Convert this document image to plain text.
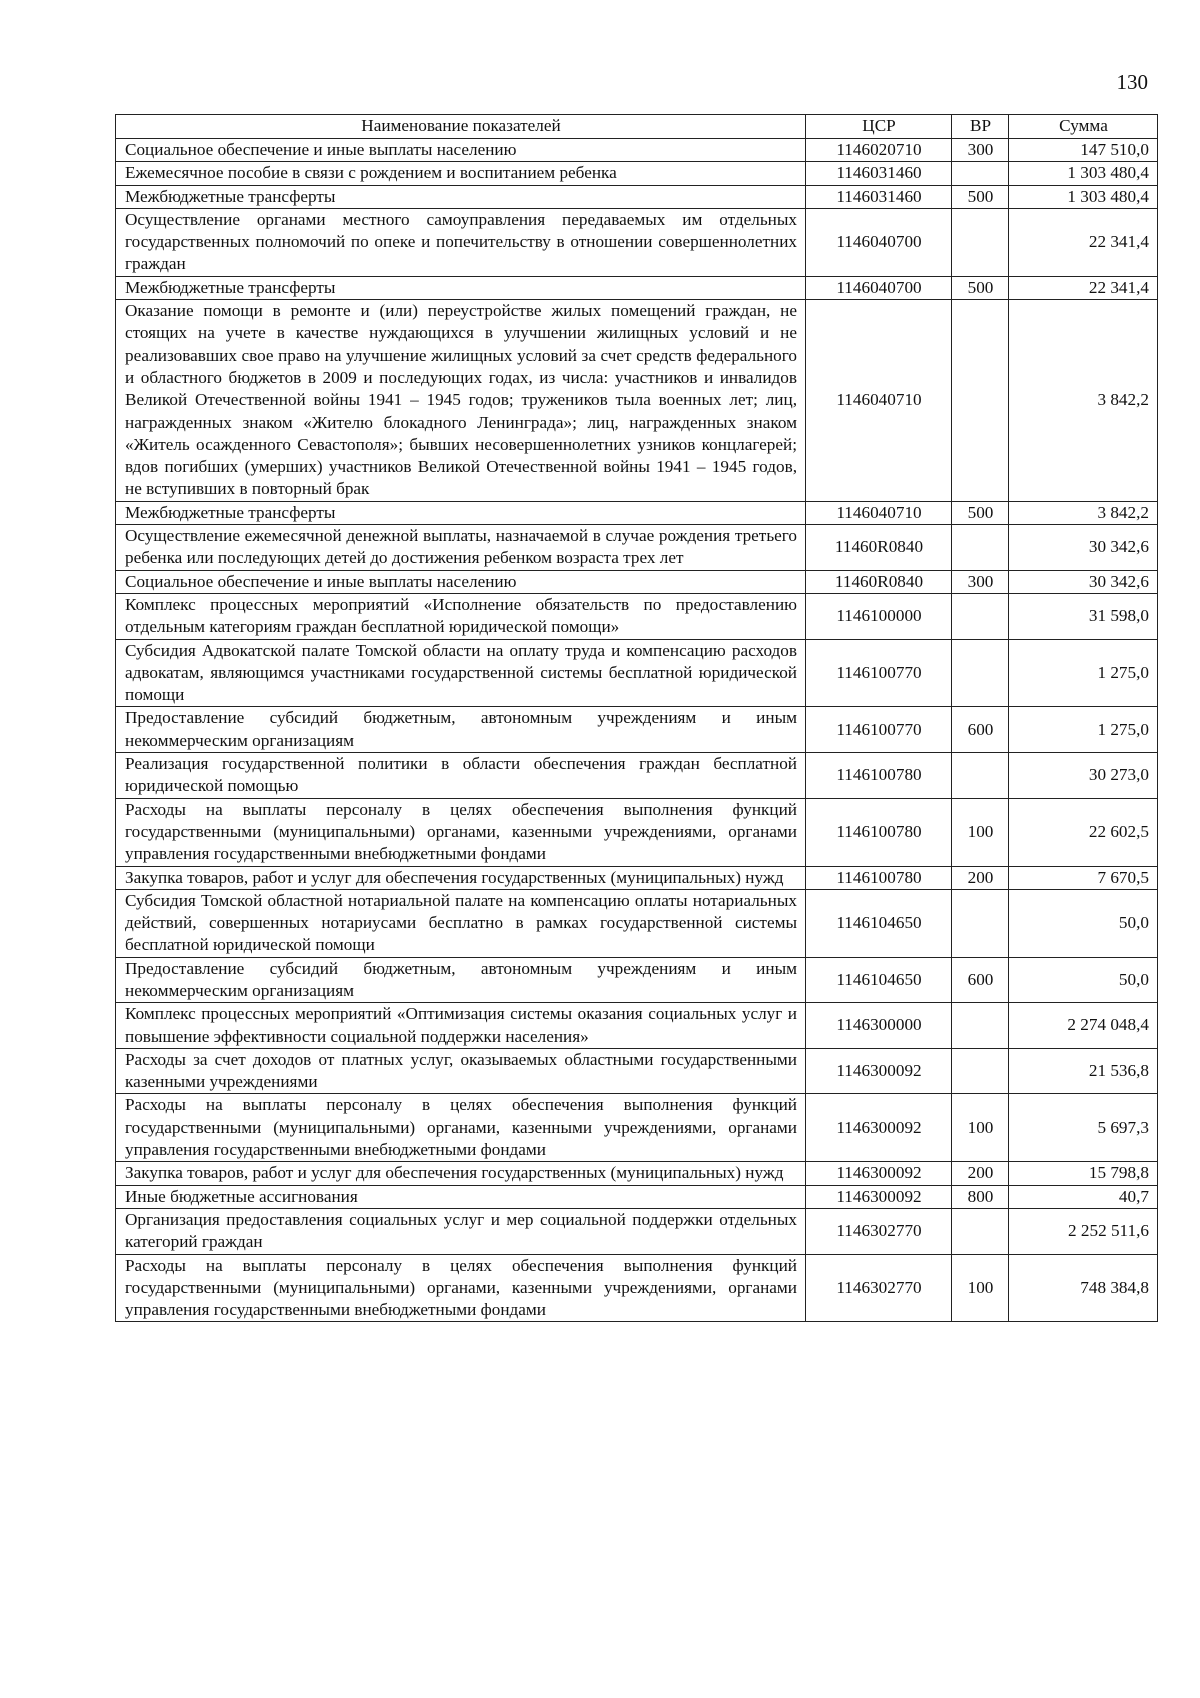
130
Наименование показателей	ЦСР	ВР	Сумма
Социальное обеспечение и иные выплаты населению	1146020710	300	147 510,0
Ежемесячное пособие в связи с рождением и воспитанием ребенка	1146031460		1 303 480,4
Межбюджетные трансферты	1146031460	500	1 303 480,4
Осуществление органами местного самоуправления передаваемых им отдельных государственных полномочий по опеке и попечительству в отношении совершеннолетних граждан	1146040700		22 341,4
Межбюджетные трансферты	1146040700	500	22 341,4
Оказание помощи в ремонте и (или) переустройстве жилых помещений граждан, не стоящих на учете в качестве нуждающихся в улучшении жилищных условий и не реализовавших свое право на улучшение жилищных условий за счет средств федерального и областного бюджетов в 2009 и последующих годах, из числа: участников и инвалидов Великой Отечественной войны 1941 – 1945 годов; тружеников тыла военных лет; лиц, награжденных знаком «Жителю блокадного Ленинграда»; лиц, награжденных знаком «Житель осажденного Севастополя»; бывших несовершеннолетних узников концлагерей; вдов погибших (умерших) участников Великой Отечественной войны 1941 – 1945 годов, не вступивших в повторный брак	1146040710		3 842,2
Межбюджетные трансферты	1146040710	500	3 842,2
Осуществление ежемесячной денежной выплаты, назначаемой в случае рождения третьего ребенка или последующих детей до достижения ребенком возраста трех лет	11460R0840		30 342,6
Социальное обеспечение и иные выплаты населению	11460R0840	300	30 342,6
Комплекс процессных мероприятий «Исполнение обязательств по предоставлению отдельным категориям граждан бесплатной юридической помощи»	1146100000		31 598,0
Субсидия Адвокатской палате Томской области на оплату труда и компенсацию расходов адвокатам, являющимся участниками государственной системы бесплатной юридической помощи	1146100770		1 275,0
Предоставление субсидий бюджетным, автономным учреждениям и иным некоммерческим организациям	1146100770	600	1 275,0
Реализация государственной политики в области обеспечения граждан бесплатной юридической помощью	1146100780		30 273,0
Расходы на выплаты персоналу в целях обеспечения выполнения функций государственными (муниципальными) органами, казенными учреждениями, органами управления государственными внебюджетными фондами	1146100780	100	22 602,5
Закупка товаров, работ и услуг для обеспечения государственных (муниципальных) нужд	1146100780	200	7 670,5
Субсидия Томской областной нотариальной палате на компенсацию оплаты нотариальных действий, совершенных нотариусами бесплатно в рамках государственной системы бесплатной юридической помощи	1146104650		50,0
Предоставление субсидий бюджетным, автономным учреждениям и иным некоммерческим организациям	1146104650	600	50,0
Комплекс процессных мероприятий «Оптимизация системы оказания социальных услуг и повышение эффективности социальной поддержки населения»	1146300000		2 274 048,4
Расходы за счет доходов от платных услуг, оказываемых областными государственными казенными учреждениями	1146300092		21 536,8
Расходы на выплаты персоналу в целях обеспечения выполнения функций государственными (муниципальными) органами, казенными учреждениями, органами управления государственными внебюджетными фондами	1146300092	100	5 697,3
Закупка товаров, работ и услуг для обеспечения государственных (муниципальных) нужд	1146300092	200	15 798,8
Иные бюджетные ассигнования	1146300092	800	40,7
Организация предоставления социальных услуг и мер социальной поддержки отдельных категорий граждан	1146302770		2 252 511,6
Расходы на выплаты персоналу в целях обеспечения выполнения функций государственными (муниципальными) органами, казенными учреждениями, органами управления государственными внебюджетными фондами	1146302770	100	748 384,8
